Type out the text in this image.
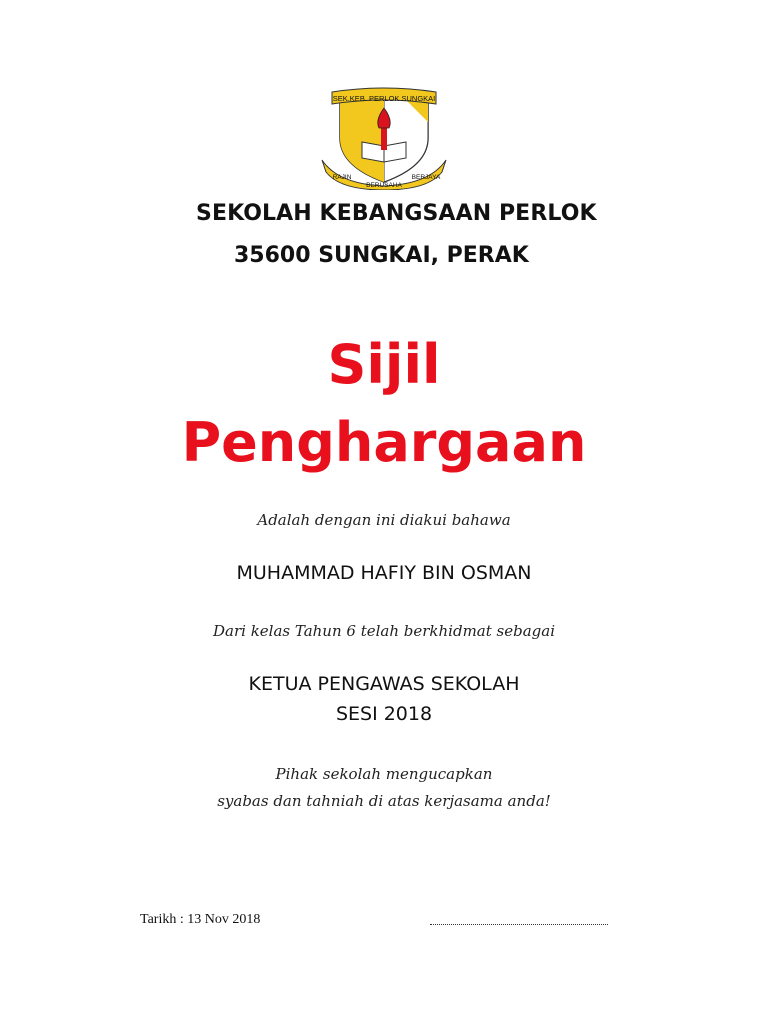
SEK.KEB. PERLOK SUNGKAI
RAJIN
BERUSAHA
BERJAYA
SEKOLAH KEBANGSAAN PERLOK
35600 SUNGKAI, PERAK
Sijil
Penghargaan
Adalah dengan ini diakui bahawa
MUHAMMAD HAFIY BIN OSMAN
Dari kelas Tahun 6 telah berkhidmat sebagai
KETUA PENGAWAS SEKOLAH
SESI 2018
Pihak sekolah mengucapkan
syabas dan tahniah di atas kerjasama anda!
Tarikh : 13 Nov 2018
